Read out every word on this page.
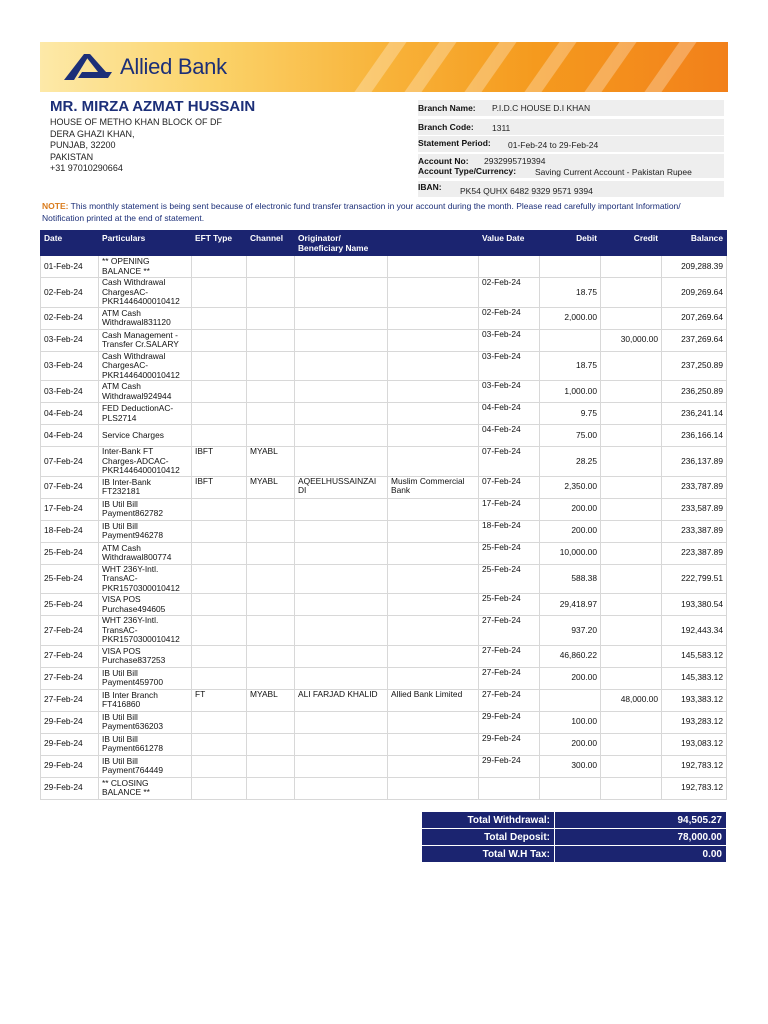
Allied Bank
MR. MIRZA AZMAT HUSSAIN
HOUSE OF METHO KHAN BLOCK OF DF
DERA GHAZI KHAN,
PUNJAB, 32200
PAKISTAN
+31 97010290664
Branch Name: P.I.D.C HOUSE D.I KHAN
Branch Code: 1311
Statement Period: 01-Feb-24 to 29-Feb-24
Account No: 2932995719394
Account Type/Currency: Saving Current Account - Pakistan Rupee
IBAN: PK54 QUHX 6482 9329 9571 9394
NOTE: This monthly statement is being sent because of electronic fund transfer transaction in your account during the month. Please read carefully important Information/ Notification printed at the end of statement.
Date	Particulars	EFT Type	Channel	Originator/ Beneficiary Name		Value Date	Debit	Credit	Balance
01-Feb-24	** OPENING BALANCE **								209,288.39
02-Feb-24	Cash Withdrawal ChargesAC-PKR1446400010412					02-Feb-24	18.75		209,269.64
02-Feb-24	ATM Cash Withdrawal831120					02-Feb-24	2,000.00		207,269.64
03-Feb-24	Cash Management - Transfer Cr.SALARY					03-Feb-24		30,000.00	237,269.64
03-Feb-24	Cash Withdrawal ChargesAC-PKR1446400010412					03-Feb-24	18.75		237,250.89
03-Feb-24	ATM Cash Withdrawal924944					03-Feb-24	1,000.00		236,250.89
04-Feb-24	FED DeductionAC-PLS2714					04-Feb-24	9.75		236,241.14
04-Feb-24	Service Charges					04-Feb-24	75.00		236,166.14
07-Feb-24	Inter-Bank FT Charges-ADCAC-PKR1446400010412	IBFT	MYABL			07-Feb-24	28.25		236,137.89
07-Feb-24	IB Inter-Bank FT232181	IBFT	MYABL	AQEELHUSSAINZAI DI	Muslim Commercial Bank	07-Feb-24	2,350.00		233,787.89
17-Feb-24	IB Util Bill Payment862782					17-Feb-24	200.00		233,587.89
18-Feb-24	IB Util Bill Payment946278					18-Feb-24	200.00		233,387.89
25-Feb-24	ATM Cash Withdrawal800774					25-Feb-24	10,000.00		223,387.89
25-Feb-24	WHT 236Y-Intl. TransAC-PKR1570300010412					25-Feb-24	588.38		222,799.51
25-Feb-24	VISA POS Purchase494605					25-Feb-24	29,418.97		193,380.54
27-Feb-24	WHT 236Y-Intl. TransAC-PKR1570300010412					27-Feb-24	937.20		192,443.34
27-Feb-24	VISA POS Purchase837253					27-Feb-24	46,860.22		145,583.12
27-Feb-24	IB Util Bill Payment459700					27-Feb-24	200.00		145,383.12
27-Feb-24	IB Inter Branch FT416860	FT	MYABL	ALI FARJAD KHALID	Allied Bank Limited	27-Feb-24		48,000.00	193,383.12
29-Feb-24	IB Util Bill Payment636203					29-Feb-24	100.00		193,283.12
29-Feb-24	IB Util Bill Payment661278					29-Feb-24	200.00		193,083.12
29-Feb-24	IB Util Bill Payment764449					29-Feb-24	300.00		192,783.12
29-Feb-24	** CLOSING BALANCE **								192,783.12
Total Withdrawal:	94,505.27
Total Deposit:	78,000.00
Total W.H Tax:	0.00
